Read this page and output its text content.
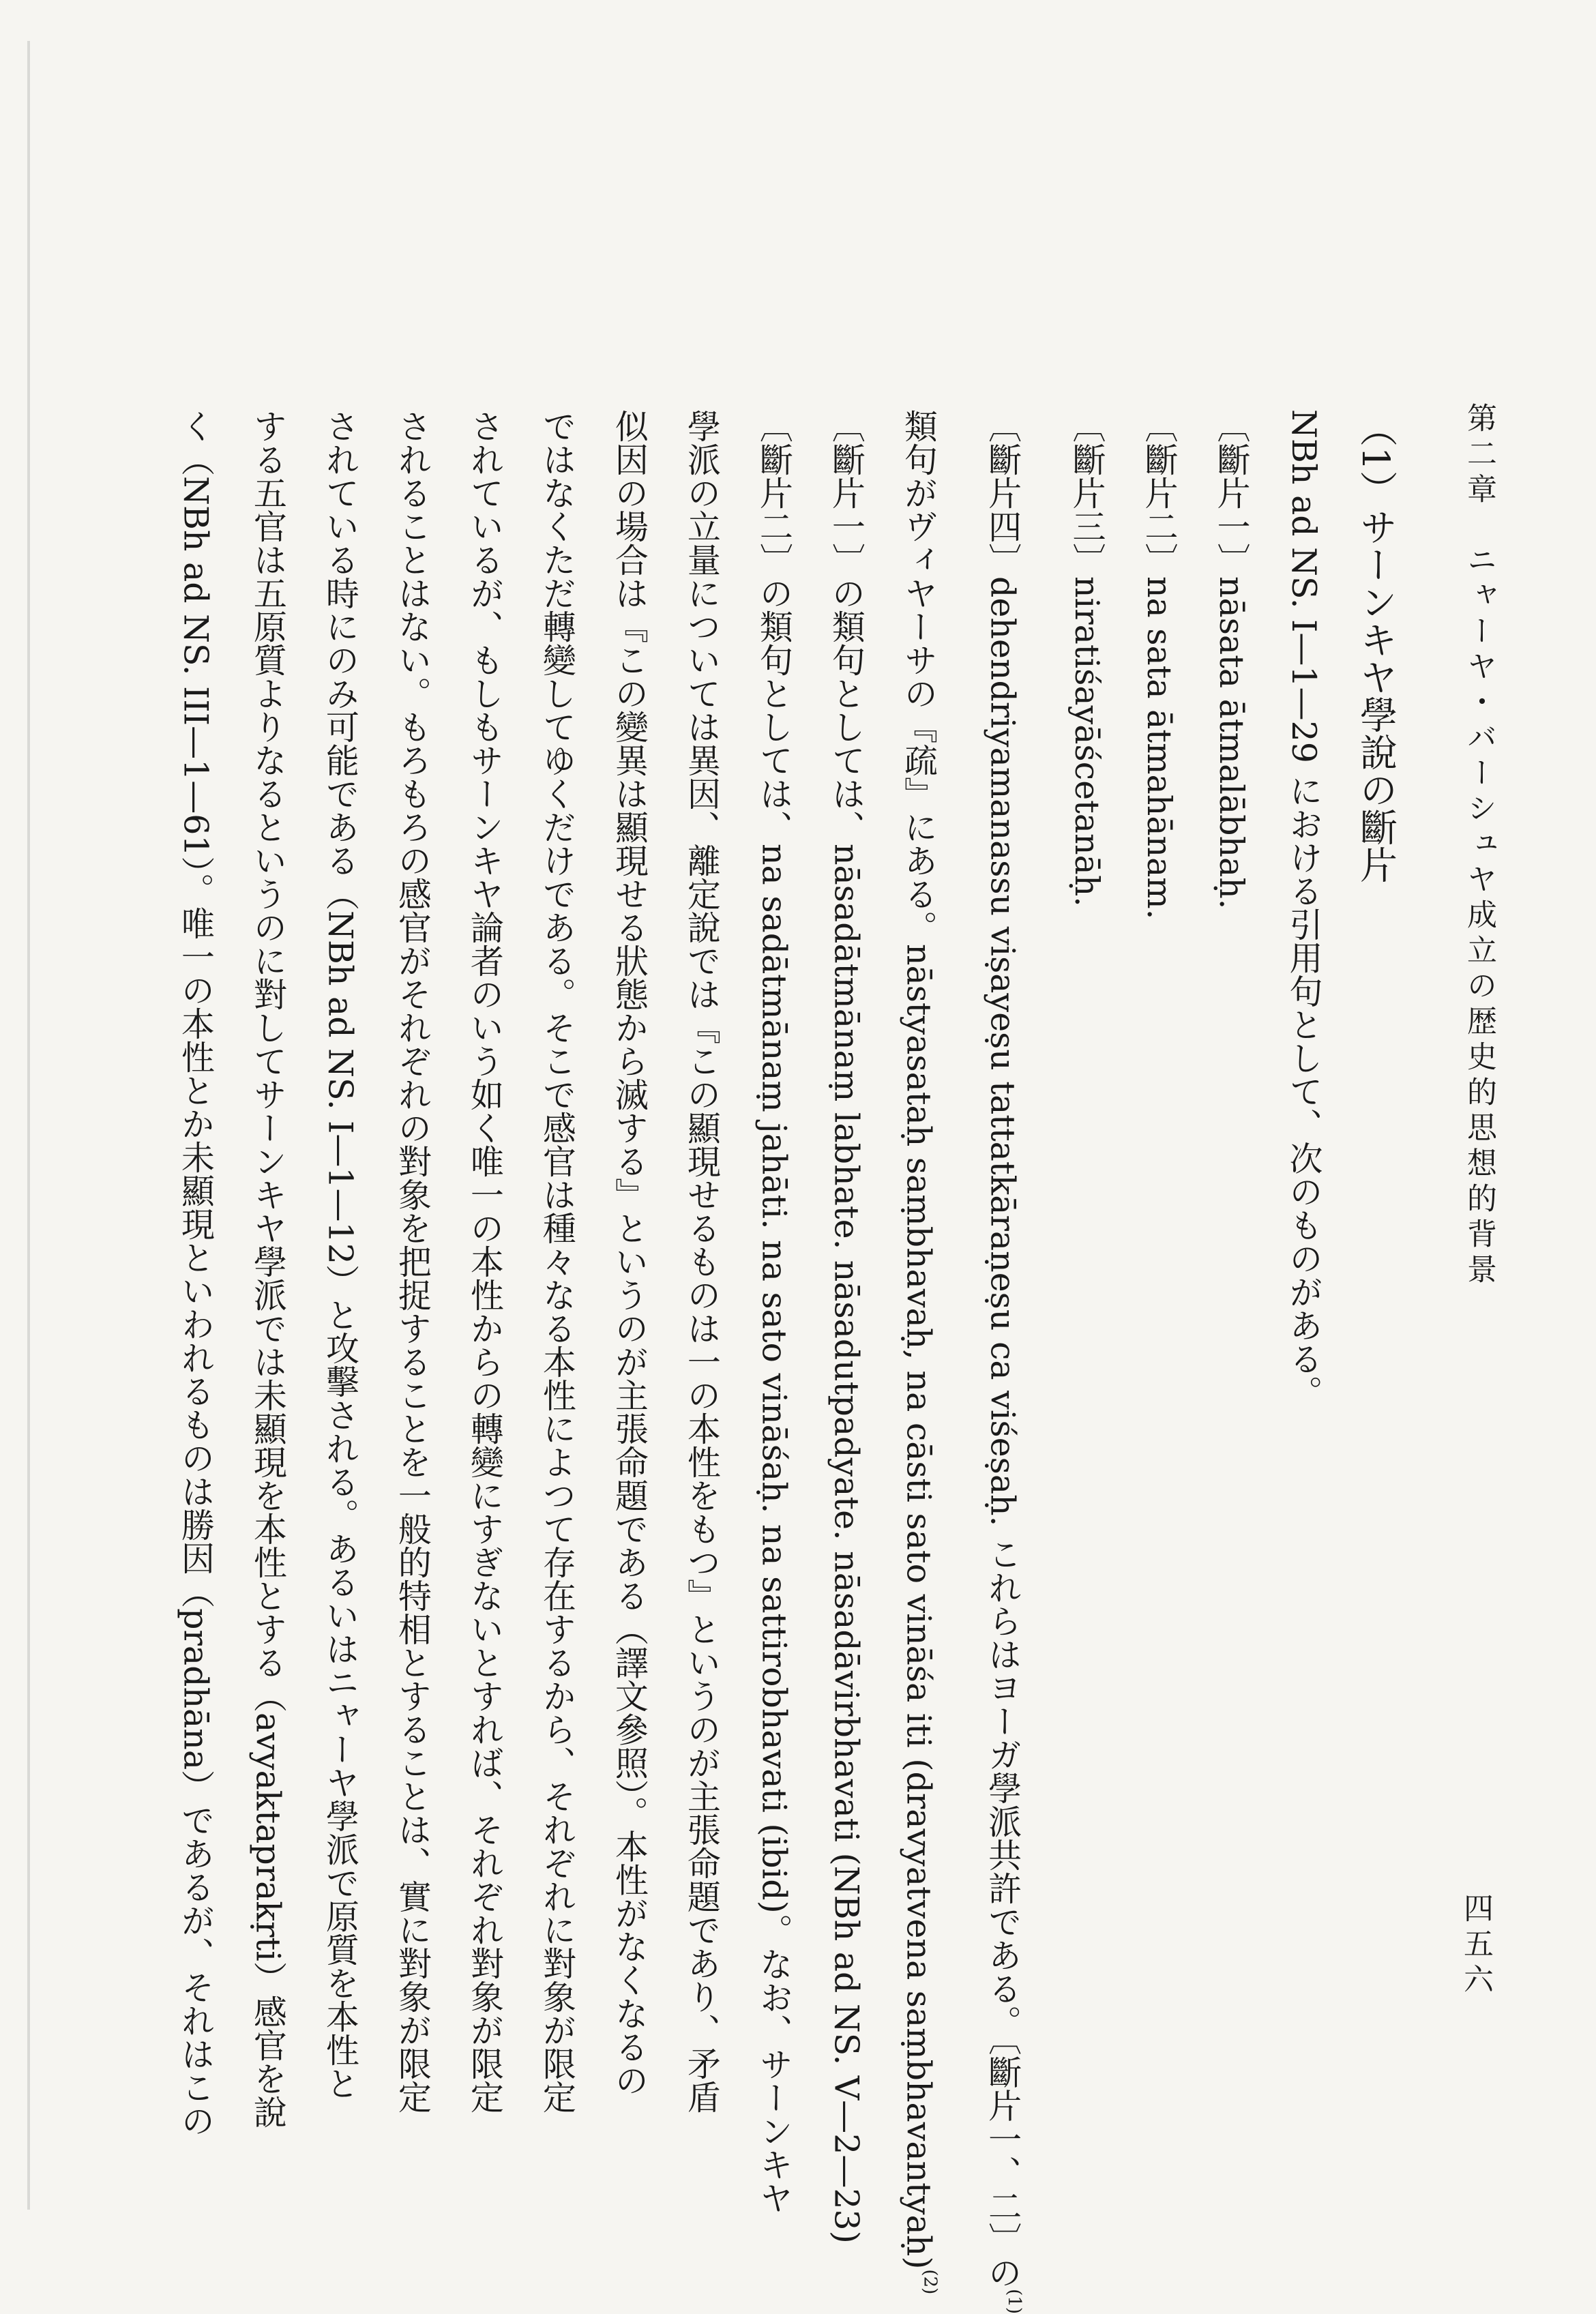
第二章　ニャーヤ・バーシュヤ成立の歴史的思想的背景
四五六
（1）サーンキヤ學說の斷片
NBh ad NS. I—1—29 における引用句として、次のものがある。
〔斷片一〕nāsata ātmalābhaḥ.
〔斷片二〕na sata ātmahānam.
〔斷片三〕niratiśayāścetanāḥ.
〔斷片四〕dehendriyamanassu viṣayeṣu tattatkāraṇeṣu ca viśeṣaḥ. これらはヨーガ學派共許である。〔斷片一、二〕の$^{(1)}$
類句がヴィヤーサの『疏』にある。nāstyasataḥ saṃbhavaḥ, na cāsti sato vināśa iti (dravyatvena saṃbhavantyaḥ)$^{(2)}$
〔斷片一〕の類句としては、nāsadātmānaṃ labhate. nāsadutpadyate. nāsadāvirbhavati (NBh ad NS. V—2—23)
〔斷片二〕の類句としては、na sadātmānaṃ jahāti. na sato vināśaḥ. na sattirobhavati (ibid)。なお、サーンキヤ
學派の立量については異因、離定說では『この顯現せるものは一の本性をもつ』というのが主張命題であり、矛盾
似因の場合は『この變異は顯現せる狀態から滅する』というのが主張命題である（譯文參照）。本性がなくなるの
ではなくただ轉變してゆくだけである。そこで感官は種々なる本性によつて存在するから、それぞれに對象が限定
されているが、もしもサーンキヤ論者のいう如く唯一の本性からの轉變にすぎないとすれば、それぞれ對象が限定
されることはない。もろもろの感官がそれぞれの對象を把捉することを一般的特相とすることは、實に對象が限定
されている時にのみ可能である（NBh ad NS. I—1—12）と攻擊される。あるいはニャーヤ學派で原質を本性と
する五官は五原質よりなるというのに對してサーンキヤ學派では未顯現を本性とする（avyaktaprakṛti）感官を說
く（NBh ad NS. III—1—61）。唯一の本性とか未顯現といわれるものは勝因（pradhāna）であるが、それはこの
